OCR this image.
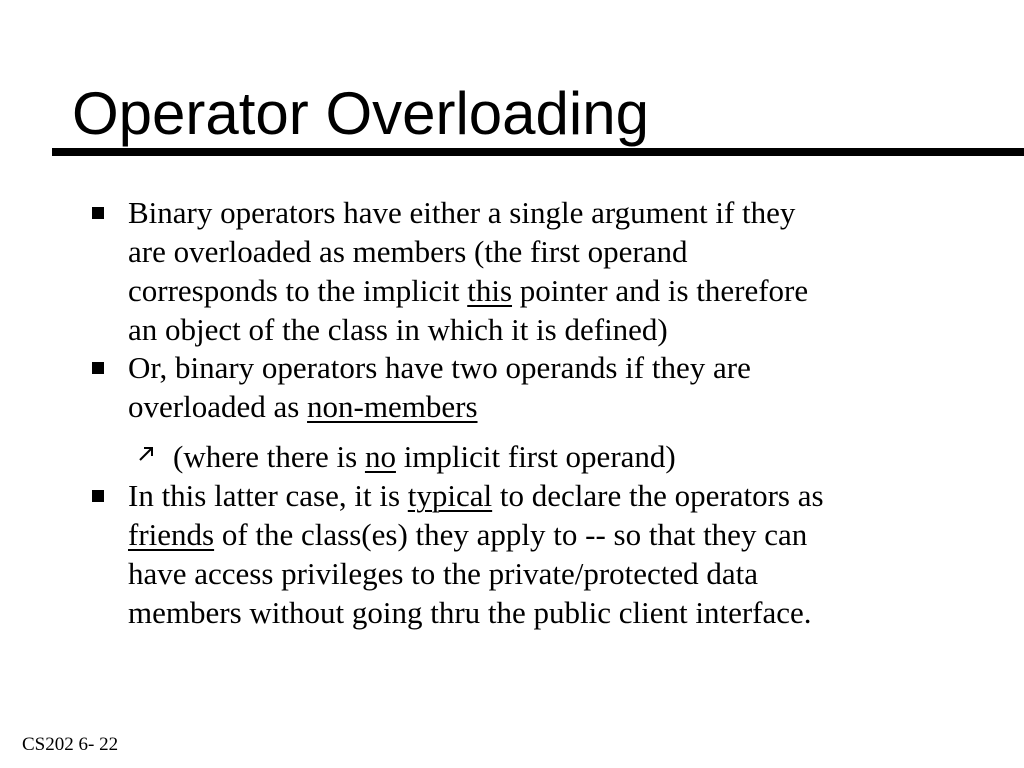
Operator Overloading
Binary operators have either a single argument if they
are overloaded as members (the first operand
corresponds to the implicit this pointer and is therefore
an object of the class in which it is defined)
Or, binary operators have two operands if they are
overloaded as non-members
(where there is no implicit first operand)
In this latter case, it is typical to declare the operators as
friends of the class(es) they apply to -- so that they can
have access privileges to the private/protected data
members without going thru the public client interface.
CS202 6- 22
